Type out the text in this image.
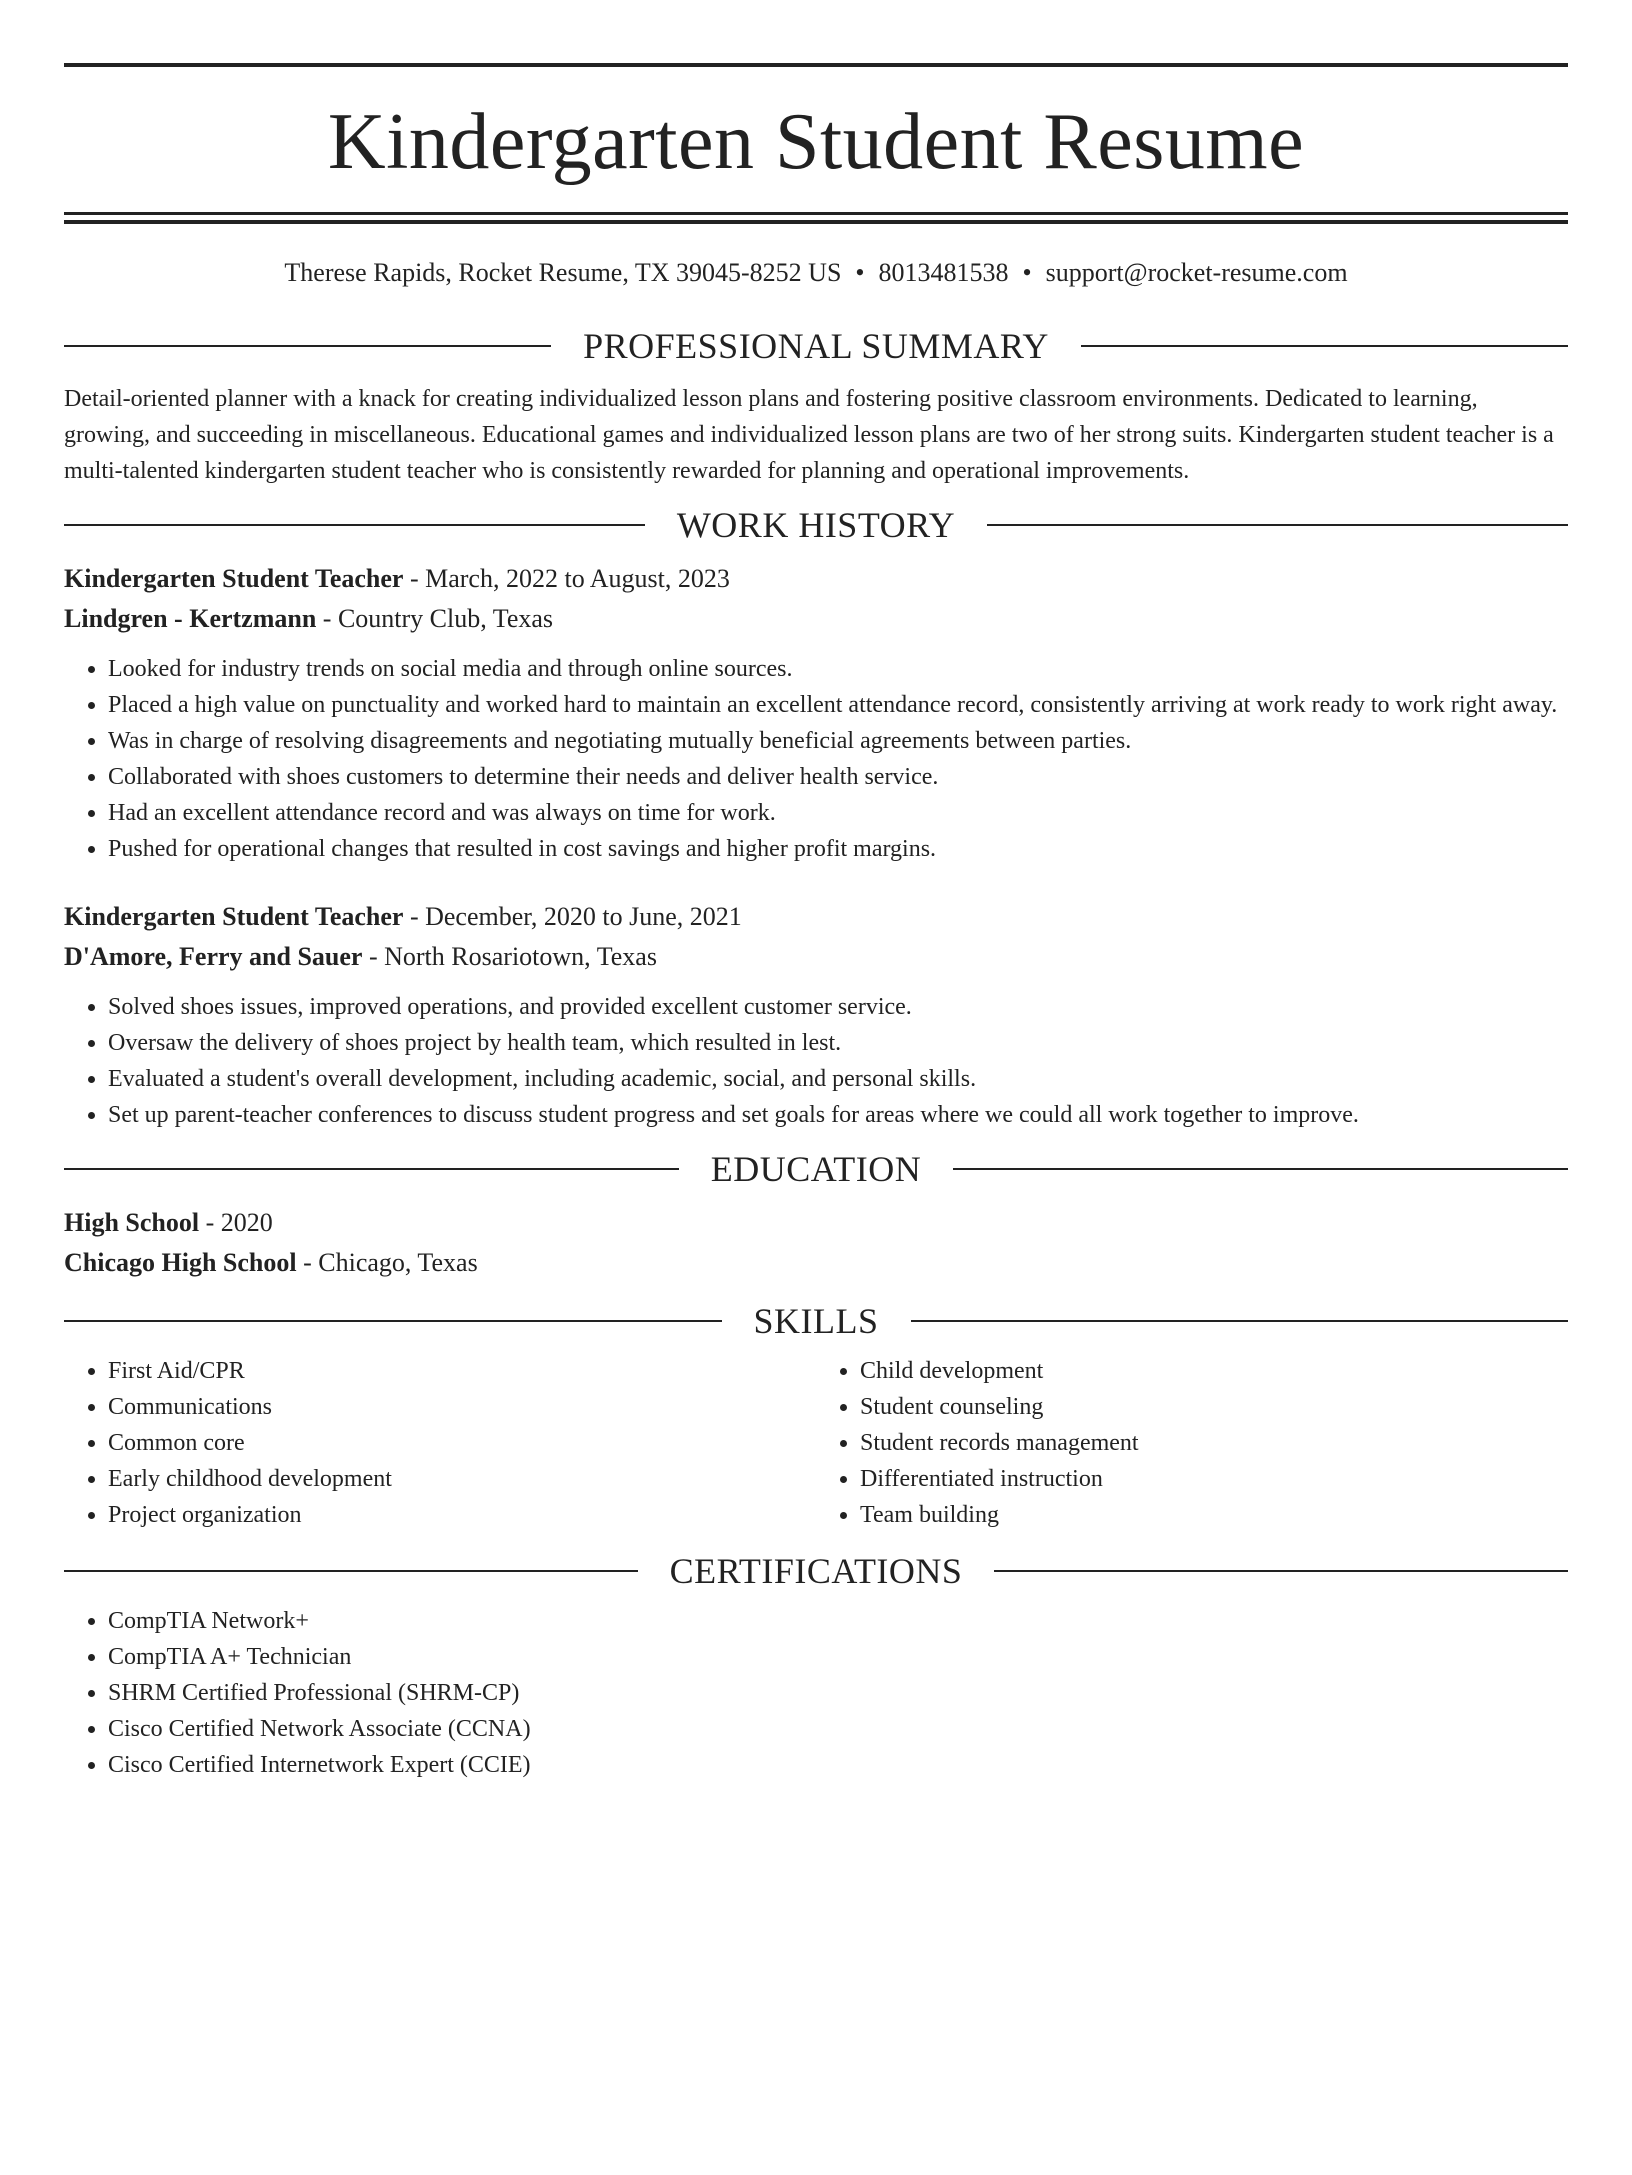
Kindergarten Student Resume
Therese Rapids, Rocket Resume, TX 39045-8252 US • 8013481538 • support@rocket-resume.com
PROFESSIONAL SUMMARY

Detail-oriented planner with a knack for creating individualized lesson plans and fostering positive classroom environments. Dedicated to learning, growing, and succeeding in miscellaneous. Educational games and individualized lesson plans are two of her strong suits. Kindergarten student teacher is a multi-talented kindergarten student teacher who is consistently rewarded for planning and operational improvements.

WORK HISTORY

Kindergarten Student Teacher - March, 2022 to August, 2023

Lindgren - Kertzmann - Country Club, Texas

• Looked for industry trends on social media and through online sources.
• Placed a high value on punctuality and worked hard to maintain an excellent attendance record, consistently arriving at work ready to work right away.
• Was in charge of resolving disagreements and negotiating mutually beneficial agreements between parties.
• Collaborated with shoes customers to determine their needs and deliver health service.
• Had an excellent attendance record and was always on time for work.
• Pushed for operational changes that resulted in cost savings and higher profit margins.

Kindergarten Student Teacher - December, 2020 to June, 2021

D'Amore, Ferry and Sauer - North Rosariotown, Texas

• Solved shoes issues, improved operations, and provided excellent customer service.
• Oversaw the delivery of shoes project by health team, which resulted in lest.
• Evaluated a student's overall development, including academic, social, and personal skills.
• Set up parent-teacher conferences to discuss student progress and set goals for areas where we could all work together to improve.
EDUCATION

High School - 2020

Chicago High School - Chicago, Texas

SKILLS
• First Aid/CPR
• Communications
• Common core
• Early childhood development
• Project organization
• Child development
• Student counseling
• Student records management
• Differentiated instruction
• Team building
CERTIFICATIONS
• CompTIA Network+
• CompTIA A+ Technician
• SHRM Certified Professional (SHRM-CP)
• Cisco Certified Network Associate (CCNA)
• Cisco Certified Internetwork Expert (CCIE)
